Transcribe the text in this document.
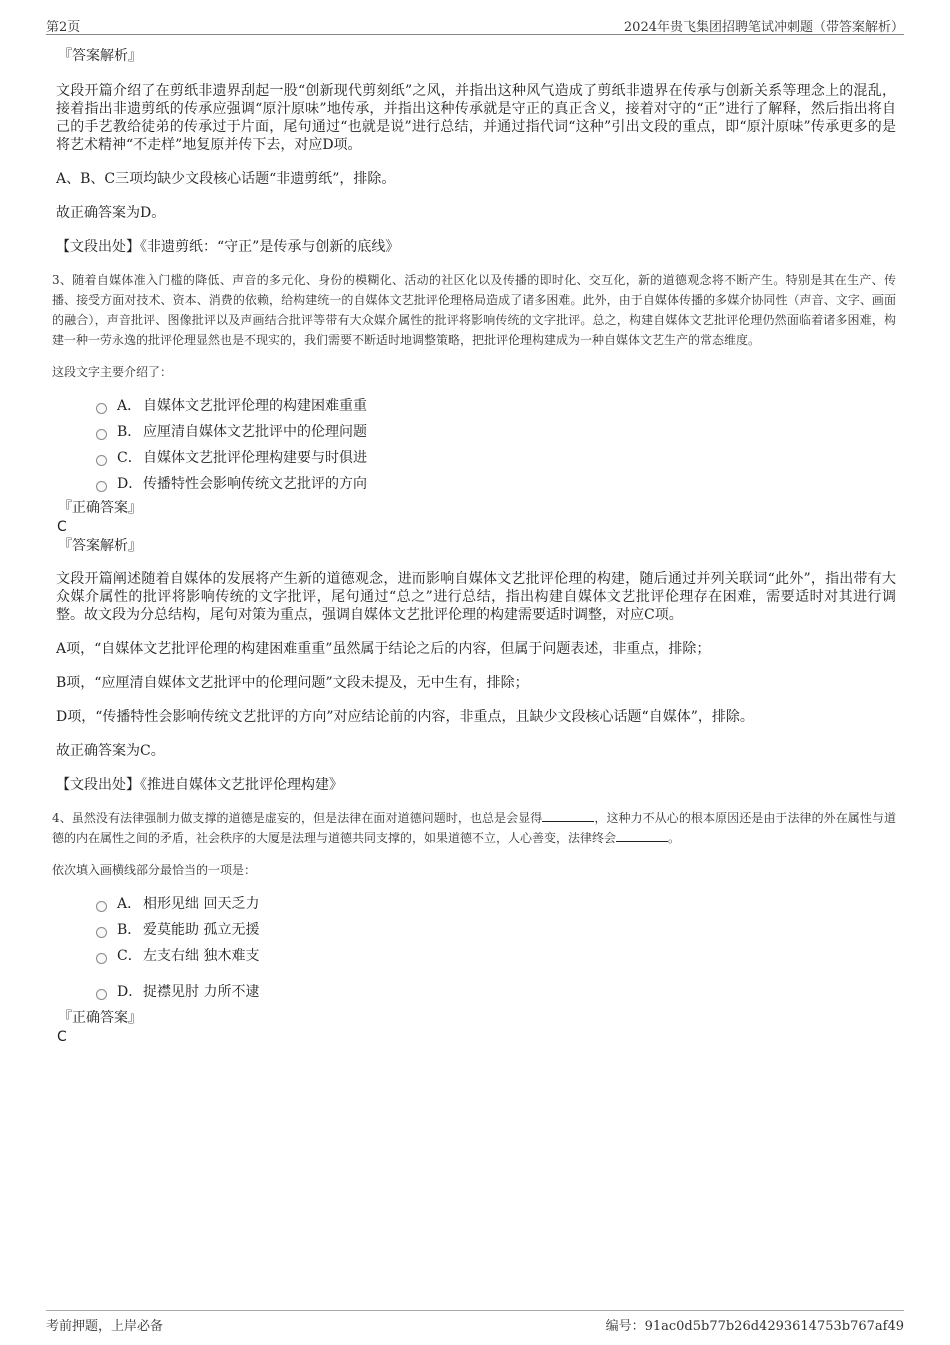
第2页	2024年贵飞集团招聘笔试冲刺题（带答案解析）
『答案解析』

文段开篇介绍了在剪纸非遗界刮起一股“创新现代剪刻纸”之风，并指出这种风气造成了剪纸非遗界在传承与创新关系等理念上的混乱，接着指出非遗剪纸的传承应强调“原汁原味”地传承，并指出这种传承就是守正的真正含义，接着对守的“正”进行了解释，然后指出将自己的手艺教给徒弟的传承过于片面，尾句通过“也就是说”进行总结，并通过指代词“这种”引出文段的重点，即“原汁原味”传承更多的是将艺术精神“不走样”地复原并传下去，对应D项。

A、B、C三项均缺少文段核心话题“非遗剪纸”，排除。

故正确答案为D。

【文段出处】《非遗剪纸：“守正”是传承与创新的底线》

3、随着自媒体准入门槛的降低、声音的多元化、身份的模糊化、活动的社区化以及传播的即时化、交互化，新的道德观念将不断产生。特别是其在生产、传播、接受方面对技术、资本、消费的依赖，给构建统一的自媒体文艺批评伦理格局造成了诸多困难。此外，由于自媒体传播的多媒介协同性（声音、文字、画面的融合），声音批评、图像批评以及声画结合批评等带有大众媒介属性的批评将影响传统的文字批评。总之，构建自媒体文艺批评伦理仍然面临着诸多困难，构建一种一劳永逸的批评伦理显然也是不现实的，我们需要不断适时地调整策略，把批评伦理构建成为一种自媒体文艺生产的常态维度。

这段文字主要介绍了：

A． 自媒体文艺批评伦理的构建困难重重
B． 应厘清自媒体文艺批评中的伦理问题
C． 自媒体文艺批评伦理构建要与时俱进
D． 传播特性会影响传统文艺批评的方向
『正确答案』
C
『答案解析』

文段开篇阐述随着自媒体的发展将产生新的道德观念，进而影响自媒体文艺批评伦理的构建，随后通过并列关联词“此外”，指出带有大众媒介属性的批评将影响传统的文字批评，尾句通过“总之”进行总结，指出构建自媒体文艺批评伦理存在困难，需要适时对其进行调整。故文段为分总结构，尾句对策为重点，强调自媒体文艺批评伦理的构建需要适时调整，对应C项。

A项，“自媒体文艺批评伦理的构建困难重重”虽然属于结论之后的内容，但属于问题表述，非重点，排除；

B项，“应厘清自媒体文艺批评中的伦理问题”文段未提及，无中生有，排除；

D项，“传播特性会影响传统文艺批评的方向”对应结论前的内容，非重点，且缺少文段核心话题“自媒体”，排除。

故正确答案为C。

【文段出处】《推进自媒体文艺批评伦理构建》

4、虽然没有法律强制力做支撑的道德是虚妄的，但是法律在面对道德问题时，也总是会显得	，这种力不从心的根本原因还是由于法律的外在属性与道德的内在属性之间的矛盾，社会秩序的大厦是法理与道德共同支撑的，如果道德不立，人心善变，法律终会	。

依次填入画横线部分最恰当的一项是：

A． 相形见绌 回天乏力
B． 爱莫能助 孤立无援
C． 左支右绌 独木难支
D． 捉襟见肘 力所不逮
『正确答案』
C
考前押题，上岸必备	编号：91ac0d5b77b26d4293614753b767af49
